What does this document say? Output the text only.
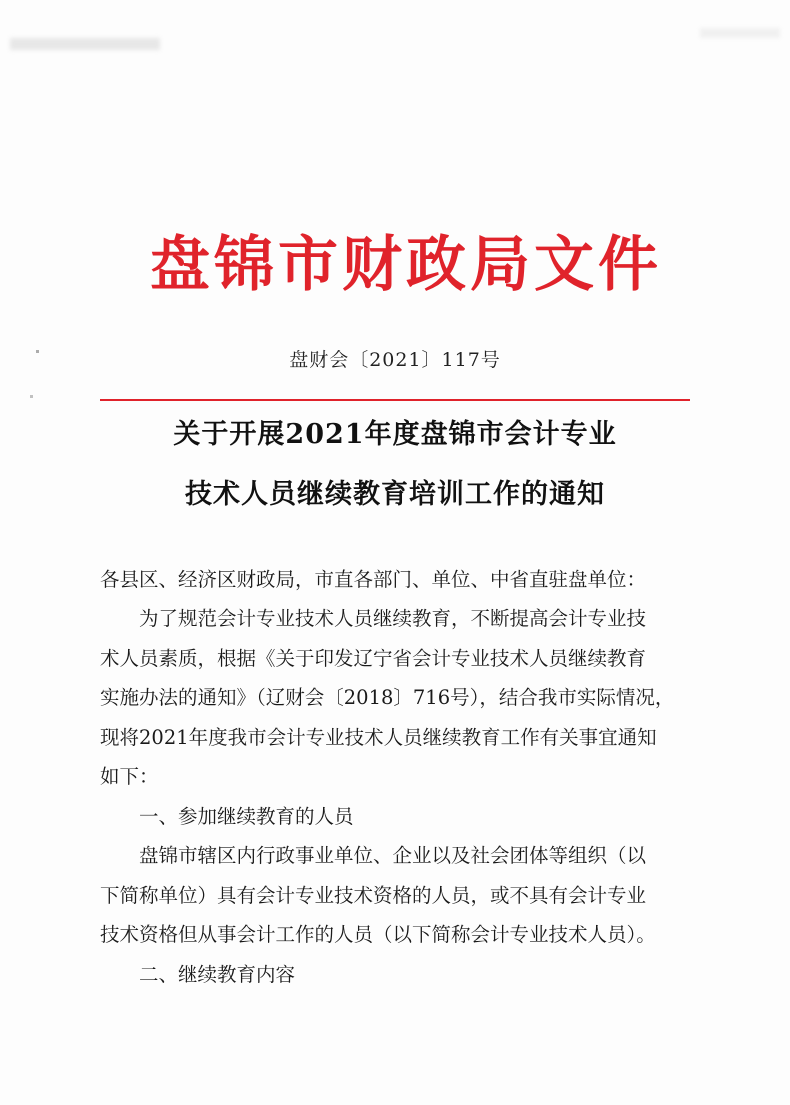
盘锦市财政局文件
盘财会〔2021〕117号
关于开展2021年度盘锦市会计专业
技术人员继续教育培训工作的通知
各县区、经济区财政局，市直各部门、单位、中省直驻盘单位：
为了规范会计专业技术人员继续教育，不断提高会计专业技
术人员素质，根据《关于印发辽宁省会计专业技术人员继续教育
实施办法的通知》（辽财会〔2018〕716号），结合我市实际情况，
现将2021年度我市会计专业技术人员继续教育工作有关事宜通知
如下：
一、参加继续教育的人员
盘锦市辖区内行政事业单位、企业以及社会团体等组织（以
下简称单位）具有会计专业技术资格的人员，或不具有会计专业
技术资格但从事会计工作的人员（以下简称会计专业技术人员）。
二、继续教育内容
